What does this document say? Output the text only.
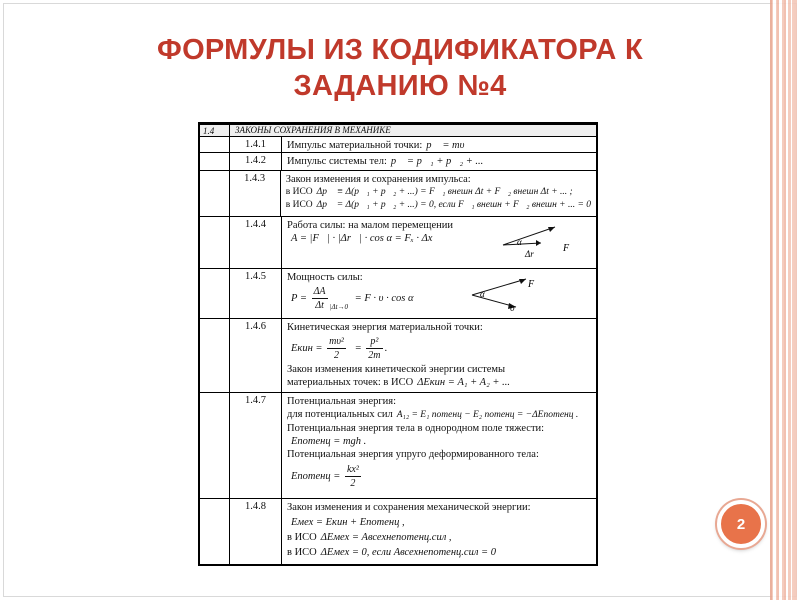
ФОРМУЛЫ ИЗ КОДИФИКАТОРА К ЗАДАНИЮ №4
1.4	ЗАКОНЫ СОХРАНЕНИЯ В МЕХАНИКЕ
1.4.1	Импульс материальной точки: p⃗ = mυ⃗
1.4.2	Импульс системы тел: p⃗ = p⃗₁ + p⃗₂ + ...
1.4.3	Закон изменения и сохранения импульса:
в ИСО Δp⃗ ≡ Δ(p⃗₁ + p⃗₂ + ...) = F⃗₁ внешн Δt + F⃗₂ внешн Δt + ... ;
в ИСО Δp⃗ = Δ(p⃗₁ + p⃗₂ + ...) = 0, если F⃗₁ внешн + F⃗₂ внешн + ... = 0
1.4.4	Работа силы: на малом перемещении
A = |F⃗| · |Δr⃗| · cos α = Fₓ · Δx	α
Δr⃗ F⃗
1.4.5	Мощность силы:
$P = \frac{\Delta A}{\Delta t} _{|\Delta t\to 0} = F \cdot \upsilon \cdot \cos \alpha$	α
F⃗
υ⃗
1.4.6	Кинетическая энергия материальной точки:
Eкин = $\frac{\text{mυ²}}{2} = \frac{\text{p²}}{2m}$ .
Закон изменения кинетической энергии системы
материальных точек: в ИСО ΔEкин = A₁ + A₂ + ...
1.4.7	Потенциальная энергия:
для потенциальных сил A₁₂ = E₁ потенц − E₂ потенц = −ΔEпотенц .
Потенциальная энергия тела в однородном поле тяжести:
Eпотенц = mgh .
Потенциальная энергия упруго деформированного тела:
Eпотенц = $\frac{\text{kx²}}{2}$
1.4.8	Закон изменения и сохранения механической энергии:
Eмех = Eкин + Eпотенц ,
в ИСО ΔEмех = Aвсехнепотенц.сил ,
в ИСО ΔEмех = 0, если Aвсехнепотенц.сил = 0
2
